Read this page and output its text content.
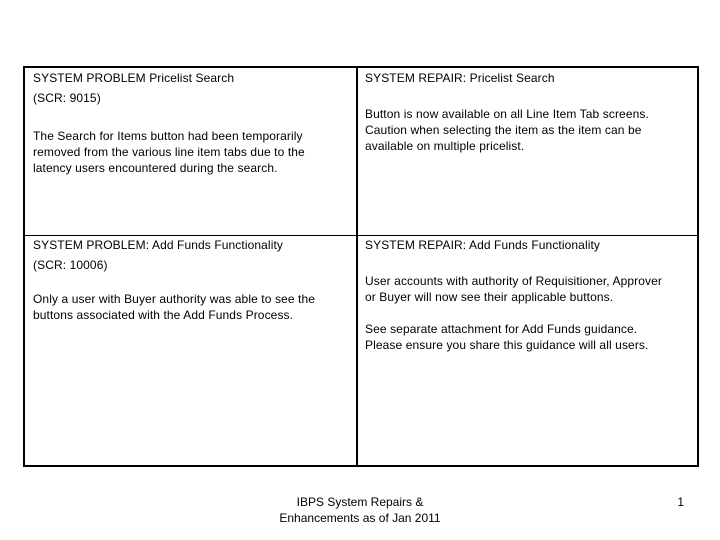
SYSTEM PROBLEM Pricelist Search
(SCR: 9015)
The Search for Items button had been temporarily
removed from the various line item tabs due to the
latency users encountered during the search.
SYSTEM REPAIR: Pricelist Search
Button is now available on all Line Item Tab screens.
Caution when selecting the item as the item can be
available on multiple pricelist.
SYSTEM PROBLEM: Add Funds Functionality
(SCR: 10006)
Only a user with Buyer authority was able to see the
buttons associated with the Add Funds Process.
SYSTEM REPAIR: Add Funds Functionality
User accounts with authority of Requisitioner, Approver
or Buyer will now see their applicable buttons.
See separate attachment for Add Funds guidance.
Please ensure you share this guidance will all users.
IBPS System Repairs &
Enhancements as of Jan 2011
1
